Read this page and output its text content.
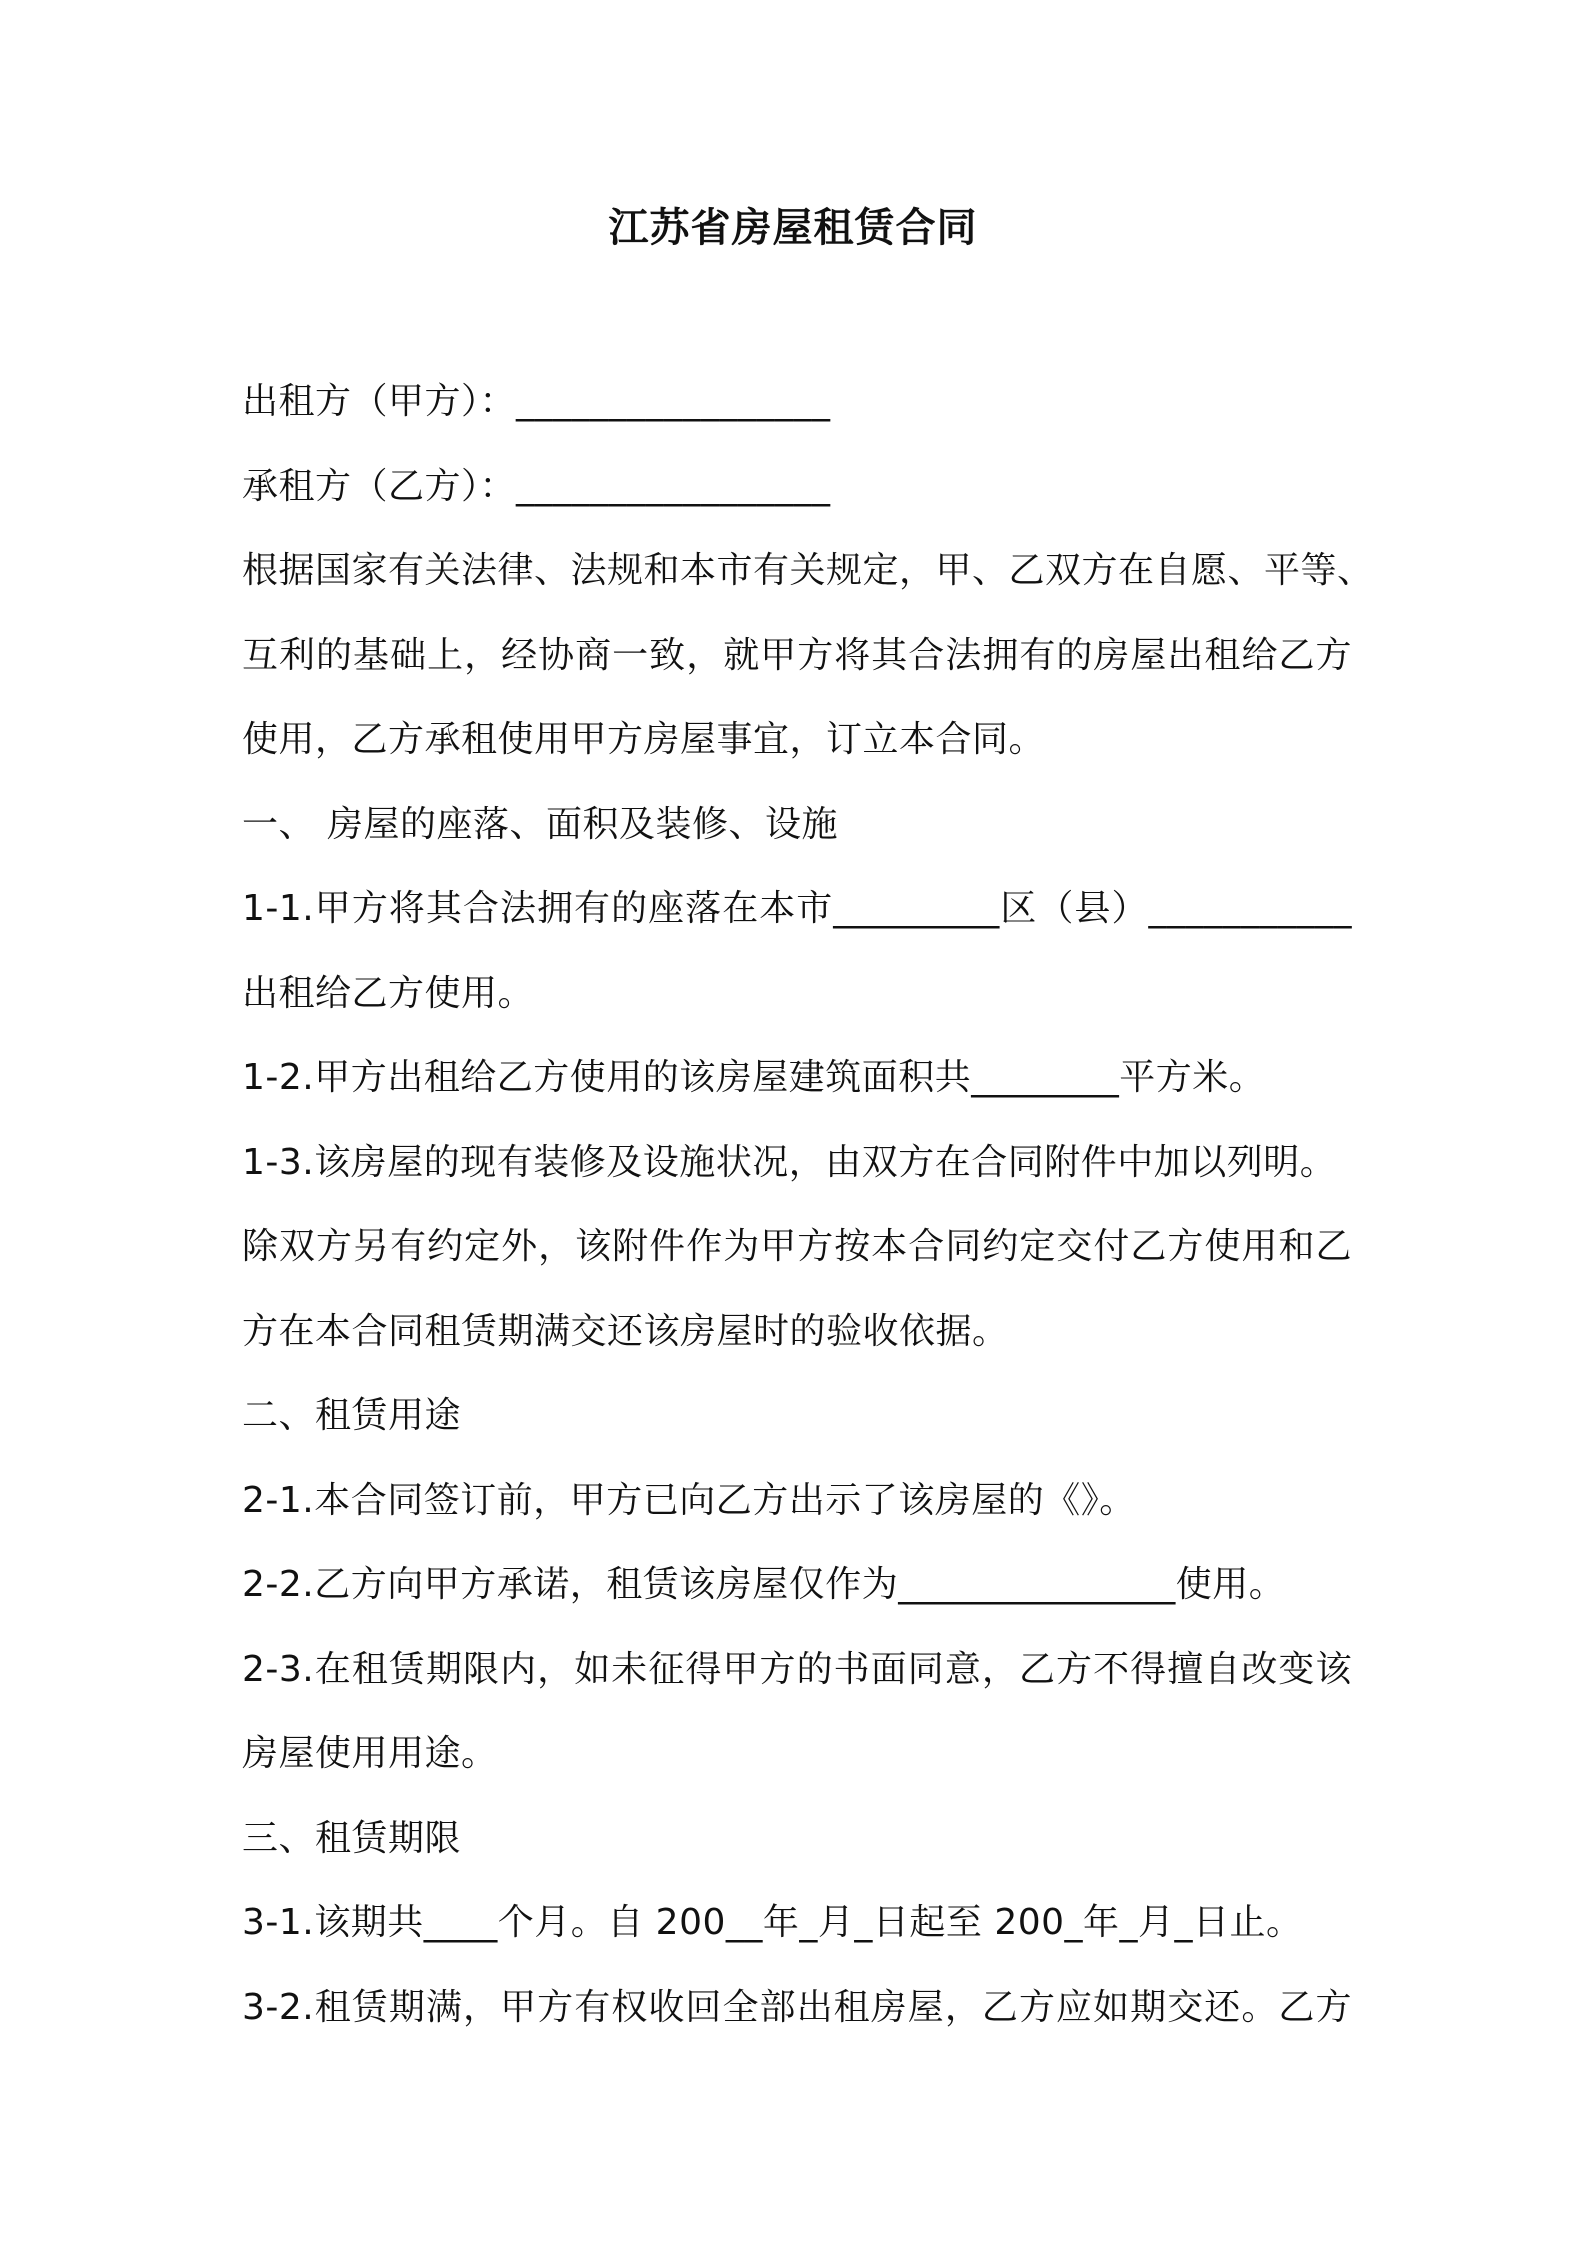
江苏省房屋租赁合同
出租方（甲方）：_________________
承租方（乙方）：_________________
根据国家有关法律、法规和本市有关规定，甲、乙双方在自愿、平等、
互利的基础上，经协商一致，就甲方将其合法拥有的房屋出租给乙方
使用，乙方承租使用甲方房屋事宜，订立本合同。
一、 房屋的座落、面积及装修、设施
1-1.甲方将其合法拥有的座落在本市_________区（县）___________
出租给乙方使用。
1-2.甲方出租给乙方使用的该房屋建筑面积共________平方米。
1-3.该房屋的现有装修及设施状况，由双方在合同附件中加以列明。
除双方另有约定外，该附件作为甲方按本合同约定交付乙方使用和乙
方在本合同租赁期满交还该房屋时的验收依据。
二、租赁用途
2-1.本合同签订前，甲方已向乙方出示了该房屋的《》。
2-2.乙方向甲方承诺，租赁该房屋仅作为_______________使用。
2-3.在租赁期限内，如未征得甲方的书面同意，乙方不得擅自改变该
房屋使用用途。
三、租赁期限
3-1.该期共____个月。自 200__年_月_日起至 200_年_月_日止。
3-2.租赁期满，甲方有权收回全部出租房屋，乙方应如期交还。乙方
